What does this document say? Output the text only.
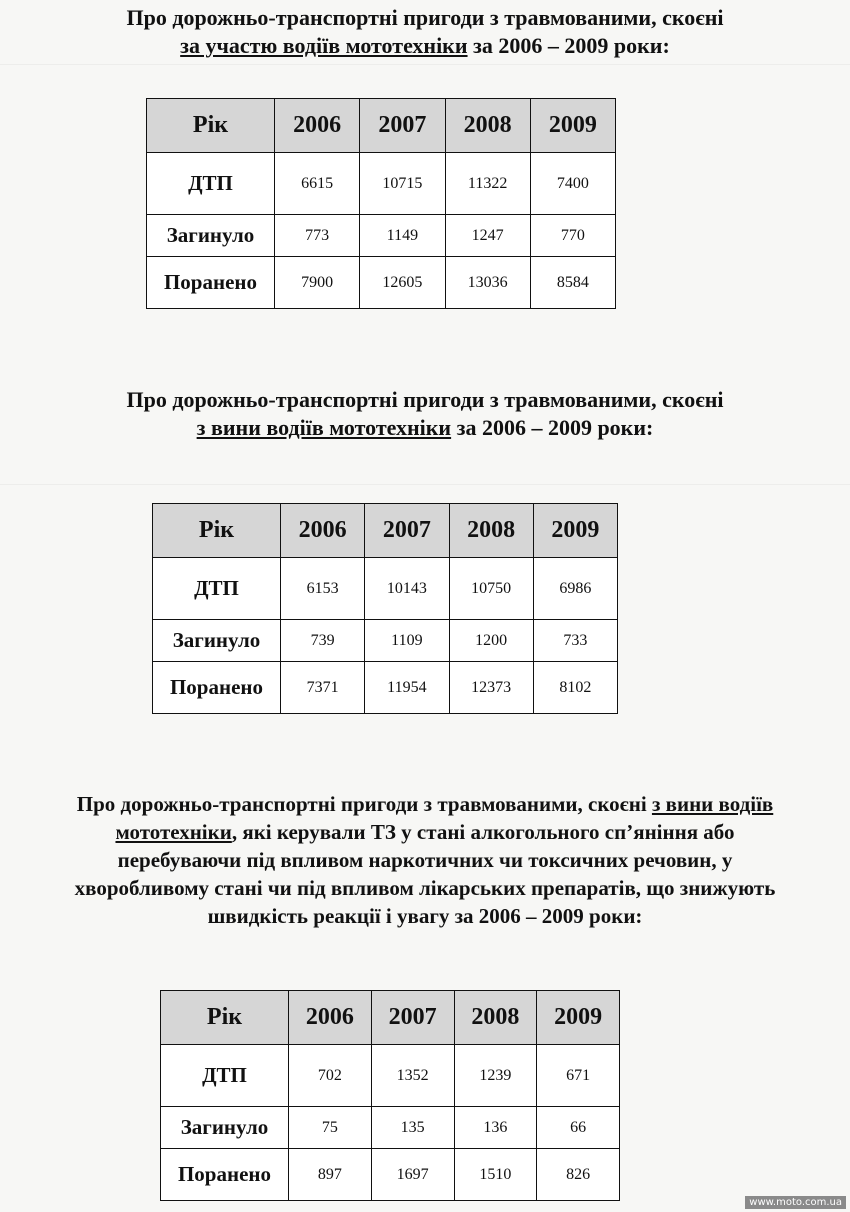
Про дорожньо-транспортні пригоди з травмованими, скоєні
за участю водіїв мототехніки за 2006 – 2009 роки:
Рік	2006	2007	2008	2009
ДТП	6615	10715	11322	7400
Загинуло	773	1149	1247	770
Поранено	7900	12605	13036	8584
Про дорожньо-транспортні пригоди з травмованими, скоєні
з вини водіїв мототехніки за 2006 – 2009 роки:
Рік	2006	2007	2008	2009
ДТП	6153	10143	10750	6986
Загинуло	739	1109	1200	733
Поранено	7371	11954	12373	8102
Про дорожньо-транспортні пригоди з травмованими, скоєні з вини водіїв
мототехніки, які керували ТЗ у стані алкогольного сп’яніння або
перебуваючи під впливом наркотичних чи токсичних речовин, у
хворобливому стані чи під впливом лікарських препаратів, що знижують
швидкість реакції і увагу за 2006 – 2009 роки:
Рік	2006	2007	2008	2009
ДТП	702	1352	1239	671
Загинуло	75	135	136	66
Поранено	897	1697	1510	826
www.moto.com.ua
